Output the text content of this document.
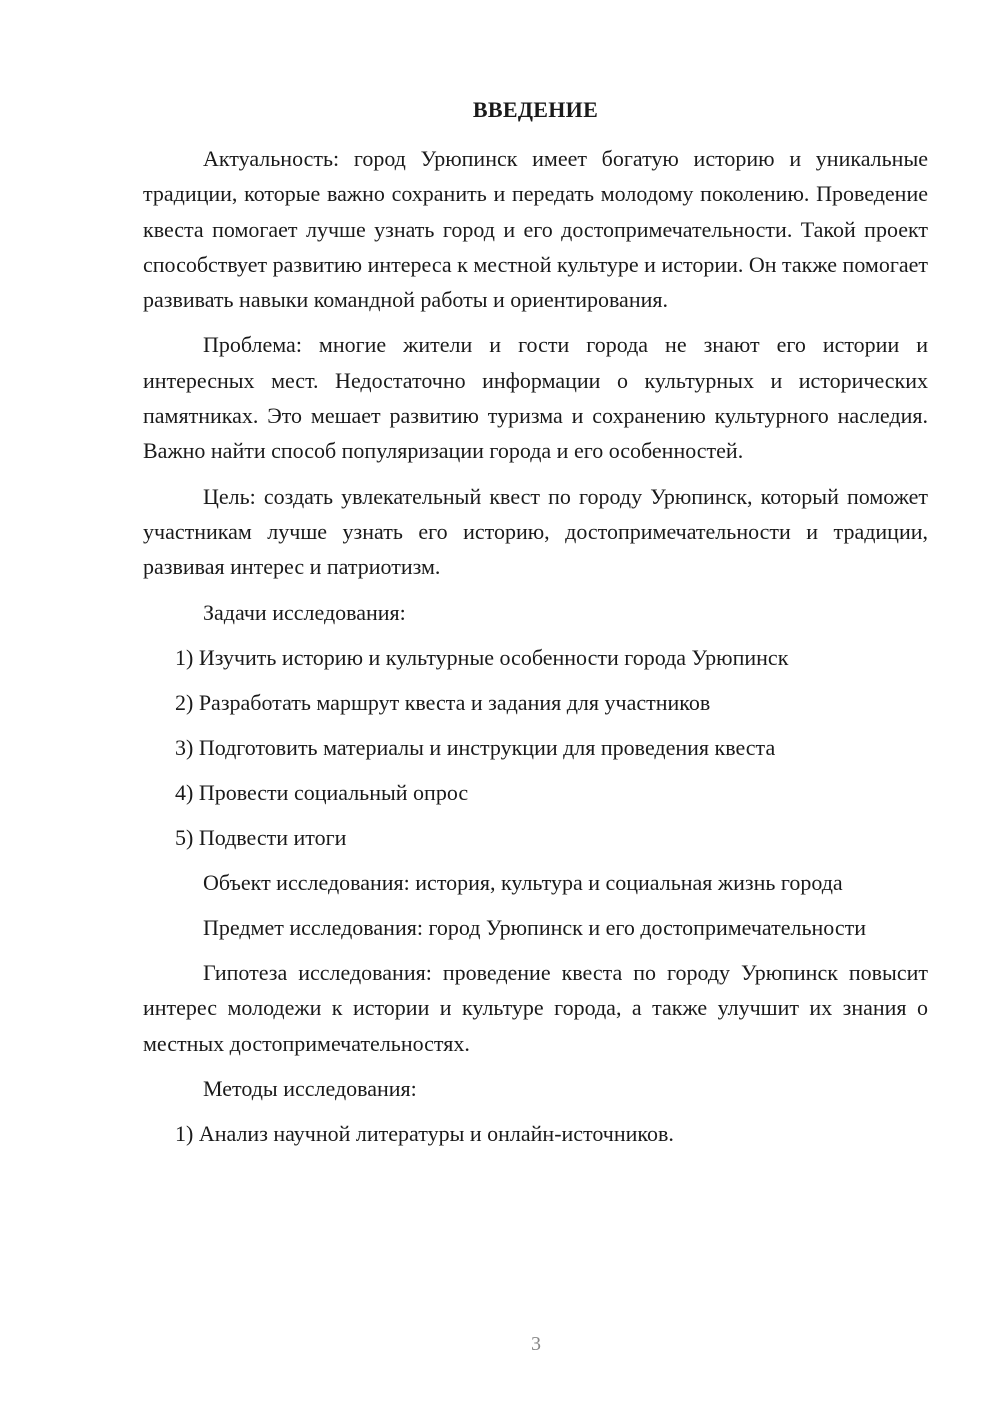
ВВЕДЕНИЕ

Актуальность: город Урюпинск имеет богатую историю и уникальные традиции, которые важно сохранить и передать молодому поколению. Проведение квеста помогает лучше узнать город и его достопримечательности. Такой проект способствует развитию интереса к местной культуре и истории. Он также помогает развивать навыки командной работы и ориентирования.

Проблема: многие жители и гости города не знают его истории и интересных мест. Недостаточно информации о культурных и исторических памятниках. Это мешает развитию туризма и сохранению культурного наследия. Важно найти способ популяризации города и его особенностей.

Цель: создать увлекательный квест по городу Урюпинск, который поможет участникам лучше узнать его историю, достопримечательности и традиции, развивая интерес и патриотизм.

Задачи исследования:
1) Изучить историю и культурные особенности города Урюпинск
2) Разработать маршрут квеста и задания для участников
3) Подготовить материалы и инструкции для проведения квеста
4) Провести социальный опрос
5) Подвести итоги

Объект исследования: история, культура и социальная жизнь города

Предмет исследования: город Урюпинск и его достопримечательности

Гипотеза исследования: проведение квеста по городу Урюпинск повысит интерес молодежи к истории и культуре города, а также улучшит их знания о местных достопримечательностях.

Методы исследования:
1) Анализ научной литературы и онлайн-источников.
3
